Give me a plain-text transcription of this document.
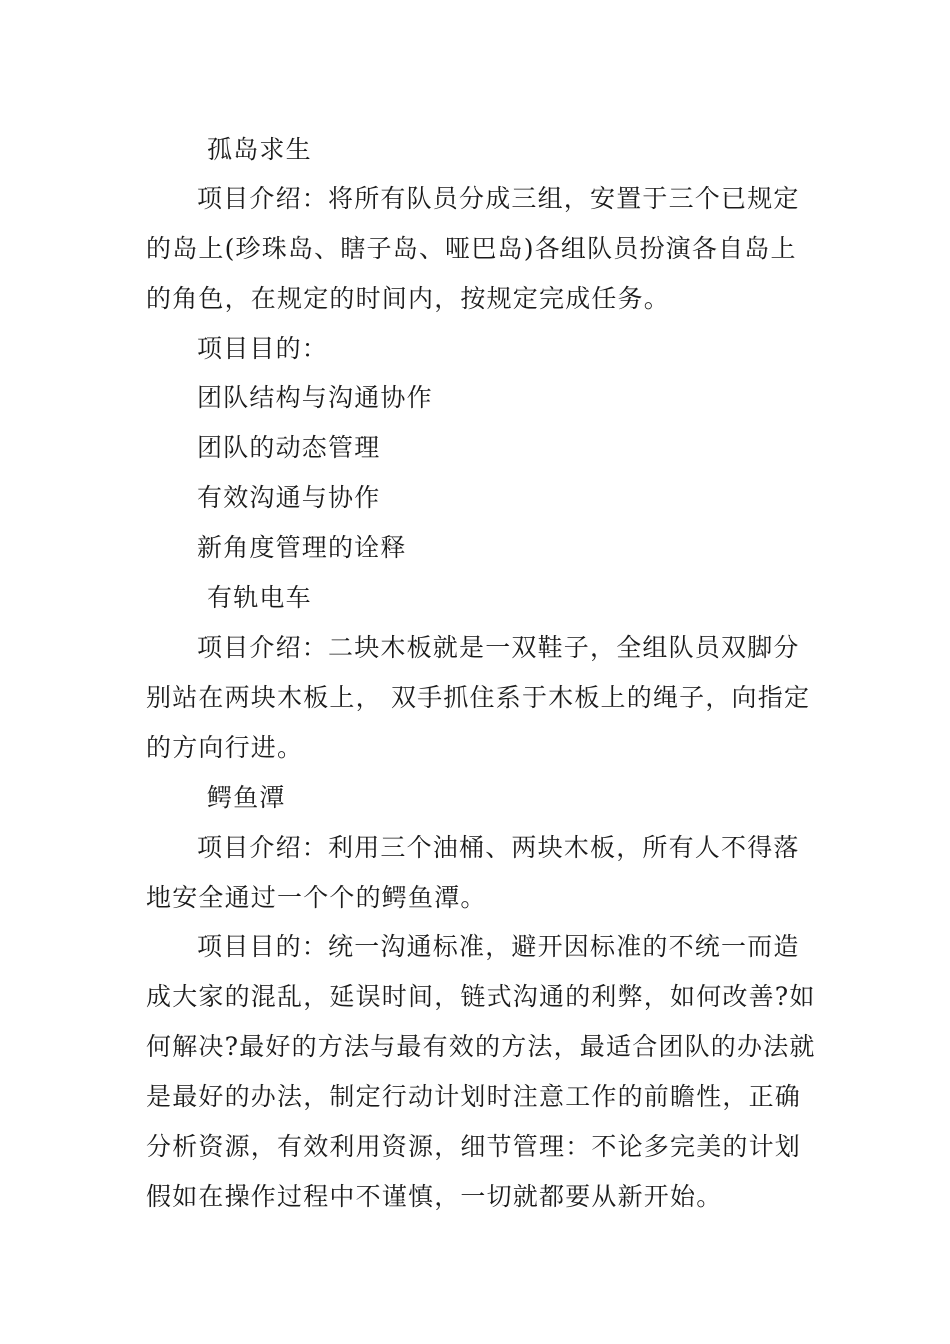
孤岛求生
项目介绍：将所有队员分成三组，安置于三个已规定
的岛上(珍珠岛、瞎子岛、哑巴岛)各组队员扮演各自岛上
的角色，在规定的时间内，按规定完成任务。
项目目的：
团队结构与沟通协作
团队的动态管理
有效沟通与协作
新角度管理的诠释
有轨电车
项目介绍：二块木板就是一双鞋子，全组队员双脚分
别站在两块木板上， 双手抓住系于木板上的绳子，向指定
的方向行进。
鳄鱼潭
项目介绍：利用三个油桶、两块木板，所有人不得落
地安全通过一个个的鳄鱼潭。
项目目的：统一沟通标准，避开因标准的不统一而造
成大家的混乱，延误时间，链式沟通的利弊，如何改善?如
何解决?最好的方法与最有效的方法，最适合团队的办法就
是最好的办法，制定行动计划时注意工作的前瞻性，正确
分析资源，有效利用资源，细节管理：不论多完美的计划
假如在操作过程中不谨慎，一切就都要从新开始。
